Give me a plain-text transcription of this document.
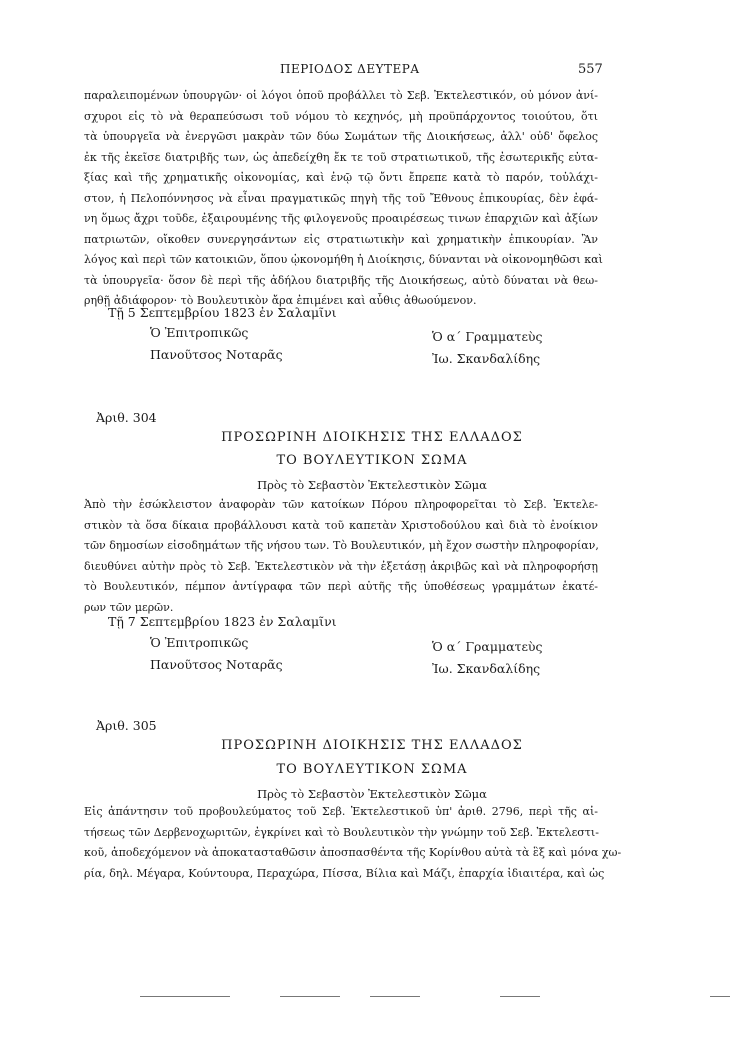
ΠΕΡΙΟΔΟΣ ΔΕΥΤΕΡΑ	557
παραλειπομένων ὑπουργῶν· οἱ λόγοι ὁποῦ προβάλλει τὸ Σεβ. Ἐκτελεστικόν, οὐ μόνον ἀνί-
σχυροι εἰς τὸ νὰ θεραπεύσωσι τοῦ νόμου τὸ κεχηνός, μὴ προϋπάρχοντος τοιούτου, ὅτι
τὰ ὑπουργεῖα νὰ ἐνεργῶσι μακρὰν τῶν δύω Σωμάτων τῆς Διοικήσεως, ἀλλ' οὐδ' ὄφελος
ἐκ τῆς ἐκεῖσε διατριβῆς των, ὡς ἀπεδείχθη ἔκ τε τοῦ στρατιωτικοῦ, τῆς ἐσωτερικῆς εὐτα-
ξίας καὶ τῆς χρηματικῆς οἰκονομίας, καὶ ἐνῷ τῷ ὄντι ἔπρεπε κατὰ τὸ παρόν, τοὐλάχι-
στον, ἡ Πελοπόννησος νὰ εἶναι πραγματικῶς πηγὴ τῆς τοῦ Ἔθνους ἐπικουρίας, δὲν ἐφά-
νη ὅμως ἄχρι τοῦδε, ἐξαιρουμένης τῆς φιλογενοῦς προαιρέσεως τινων ἐπαρχιῶν καὶ ἀξίων
πατριωτῶν, οἴκοθεν συνεργησάντων εἰς στρατιωτικὴν καὶ χρηματικὴν ἐπικουρίαν. Ἂν
λόγος καὶ περὶ τῶν κατοικιῶν, ὅπου ᾠκονομήθη ἡ Διοίκησις, δύνανται νὰ οἰκονομηθῶσι καὶ
τὰ ὑπουργεῖα· ὅσον δὲ περὶ τῆς ἀδήλου διατριβῆς τῆς Διοικήσεως, αὐτὸ δύναται νὰ θεω-
ρηθῇ ἀδιάφορον· τὸ Βουλευτικὸν ἄρα ἐπιμένει καὶ αὖθις ἀθωούμενον.
Τῇ 5 Σεπτεμβρίου 1823 ἐν Σαλαμῖνι
Ὁ Ἐπιτροπικῶς
Πανοῦτσος Νοταρᾶς
Ὁ α´ Γραμματεὺς
Ἰω. Σκανδαλίδης
Ἀριθ. 304
ΠΡΟΣΩΡΙΝΗ ΔΙΟΙΚΗΣΙΣ ΤΗΣ ΕΛΛΑΔΟΣ
ΤΟ ΒΟΥΛΕΥΤΙΚΟΝ ΣΩΜΑ
Πρὸς τὸ Σεβαστὸν Ἐκτελεστικὸν Σῶμα
Ἀπὸ τὴν ἐσώκλειστον ἀναφορὰν τῶν κατοίκων Πόρου πληροφορεῖται τὸ Σεβ. Ἐκτελε-
στικὸν τὰ ὅσα δίκαια προβάλλουσι κατὰ τοῦ καπετὰν Χριστοδούλου καὶ διὰ τὸ ἐνοίκιον
τῶν δημοσίων εἰσοδημάτων τῆς νήσου των. Τὸ Βουλευτικόν, μὴ ἔχον σωστὴν πληροφορίαν,
διευθύνει αὐτὴν πρὸς τὸ Σεβ. Ἐκτελεστικὸν νὰ τὴν ἐξετάσῃ ἀκριβῶς καὶ νὰ πληροφορήσῃ
τὸ Βουλευτικόν, πέμπον ἀντίγραφα τῶν περὶ αὐτῆς τῆς ὑποθέσεως γραμμάτων ἑκατέ-
ρων τῶν μερῶν.
Τῇ 7 Σεπτεμβρίου 1823 ἐν Σαλαμῖνι
Ὁ Ἐπιτροπικῶς
Πανοῦτσος Νοταρᾶς
Ὁ α´ Γραμματεὺς
Ἰω. Σκανδαλίδης
Ἀριθ. 305
ΠΡΟΣΩΡΙΝΗ ΔΙΟΙΚΗΣΙΣ ΤΗΣ ΕΛΛΑΔΟΣ
ΤΟ ΒΟΥΛΕΥΤΙΚΟΝ ΣΩΜΑ
Πρὸς τὸ Σεβαστὸν Ἐκτελεστικὸν Σῶμα
Εἰς ἀπάντησιν τοῦ προβουλεύματος τοῦ Σεβ. Ἐκτελεστικοῦ ὑπ' ἀριθ. 2796, περὶ τῆς αἰ-
τήσεως τῶν Δερβενοχωριτῶν, ἐγκρίνει καὶ τὸ Βουλευτικὸν τὴν γνώμην τοῦ Σεβ. Ἐκτελεστι-
κοῦ, ἀποδεχόμενον νὰ ἀποκατασταθῶσιν ἀποσπασθέντα τῆς Κορίνθου αὐτὰ τὰ ἓξ καὶ μόνα χω-
ρία, δηλ. Μέγαρα, Κούντουρα, Περαχώρα, Πίσσα, Βίλια καὶ Μάζι, ἐπαρχία ἰδιαιτέρα, καὶ ὡς
